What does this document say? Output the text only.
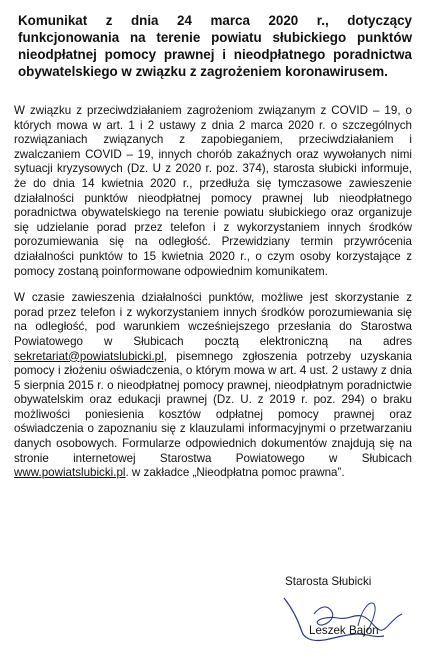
Komunikat z dnia 24 marca 2020 r., dotyczący funkcjonowania na terenie powiatu słubickiego punktów nieodpłatnej pomocy prawnej i nieodpłatnego poradnictwa obywatelskiego w związku z zagrożeniem koronawirusem.

W związku z przeciwdziałaniem zagrożeniom związanym z COVID – 19, o których mowa w art. 1 i 2 ustawy z dnia 2 marca 2020 r. o szczególnych rozwiązaniach związanych z zapobieganiem, przeciwdziałaniem i zwalczaniem COVID – 19, innych chorób zakaźnych oraz wywołanych nimi sytuacji kryzysowych (Dz. U z 2020 r. poz. 374), starosta słubicki informuje, że do dnia 14 kwietnia 2020 r., przedłuża się tymczasowe zawieszenie działalności punktów nieodpłatnej pomocy prawnej lub nieodpłatnego poradnictwa obywatelskiego na terenie powiatu słubickiego oraz organizuje się udzielanie porad przez telefon i z wykorzystaniem innych środków porozumiewania się na odległość. Przewidziany termin przywrócenia działalności punktów to 15 kwietnia 2020 r., o czym osoby korzystające z pomocy zostaną poinformowane odpowiednim komunikatem.

W czasie zawieszenia działalności punktów, możliwe jest skorzystanie z porad przez telefon i z wykorzystaniem innych środków porozumiewania się na odległość, pod warunkiem wcześniejszego przesłania do Starostwa Powiatowego w Słubicach pocztą elektroniczną na adres sekretariat@powiatslubicki.pl, pisemnego zgłoszenia potrzeby uzyskania pomocy i złożeniu oświadczenia, o którym mowa w art. 4 ust. 2 ustawy z dnia 5 sierpnia 2015 r. o nieodpłatnej pomocy prawnej, nieodpłatnym poradnictwie obywatelskim oraz edukacji prawnej (Dz. U. z 2019 r. poz. 294) o braku możliwości poniesienia kosztów odpłatnej pomocy prawnej oraz oświadczenia o zapoznaniu się z klauzulami informacyjnymi o przetwarzaniu danych osobowych. Formularze odpowiednich dokumentów znajdują się na stronie internetowej Starostwa Powiatowego w Słubicach www.powiatslubicki.pl. w zakładce „Nieodpłatna pomoc prawna”.

Starosta Słubicki
Leszek Bajon
